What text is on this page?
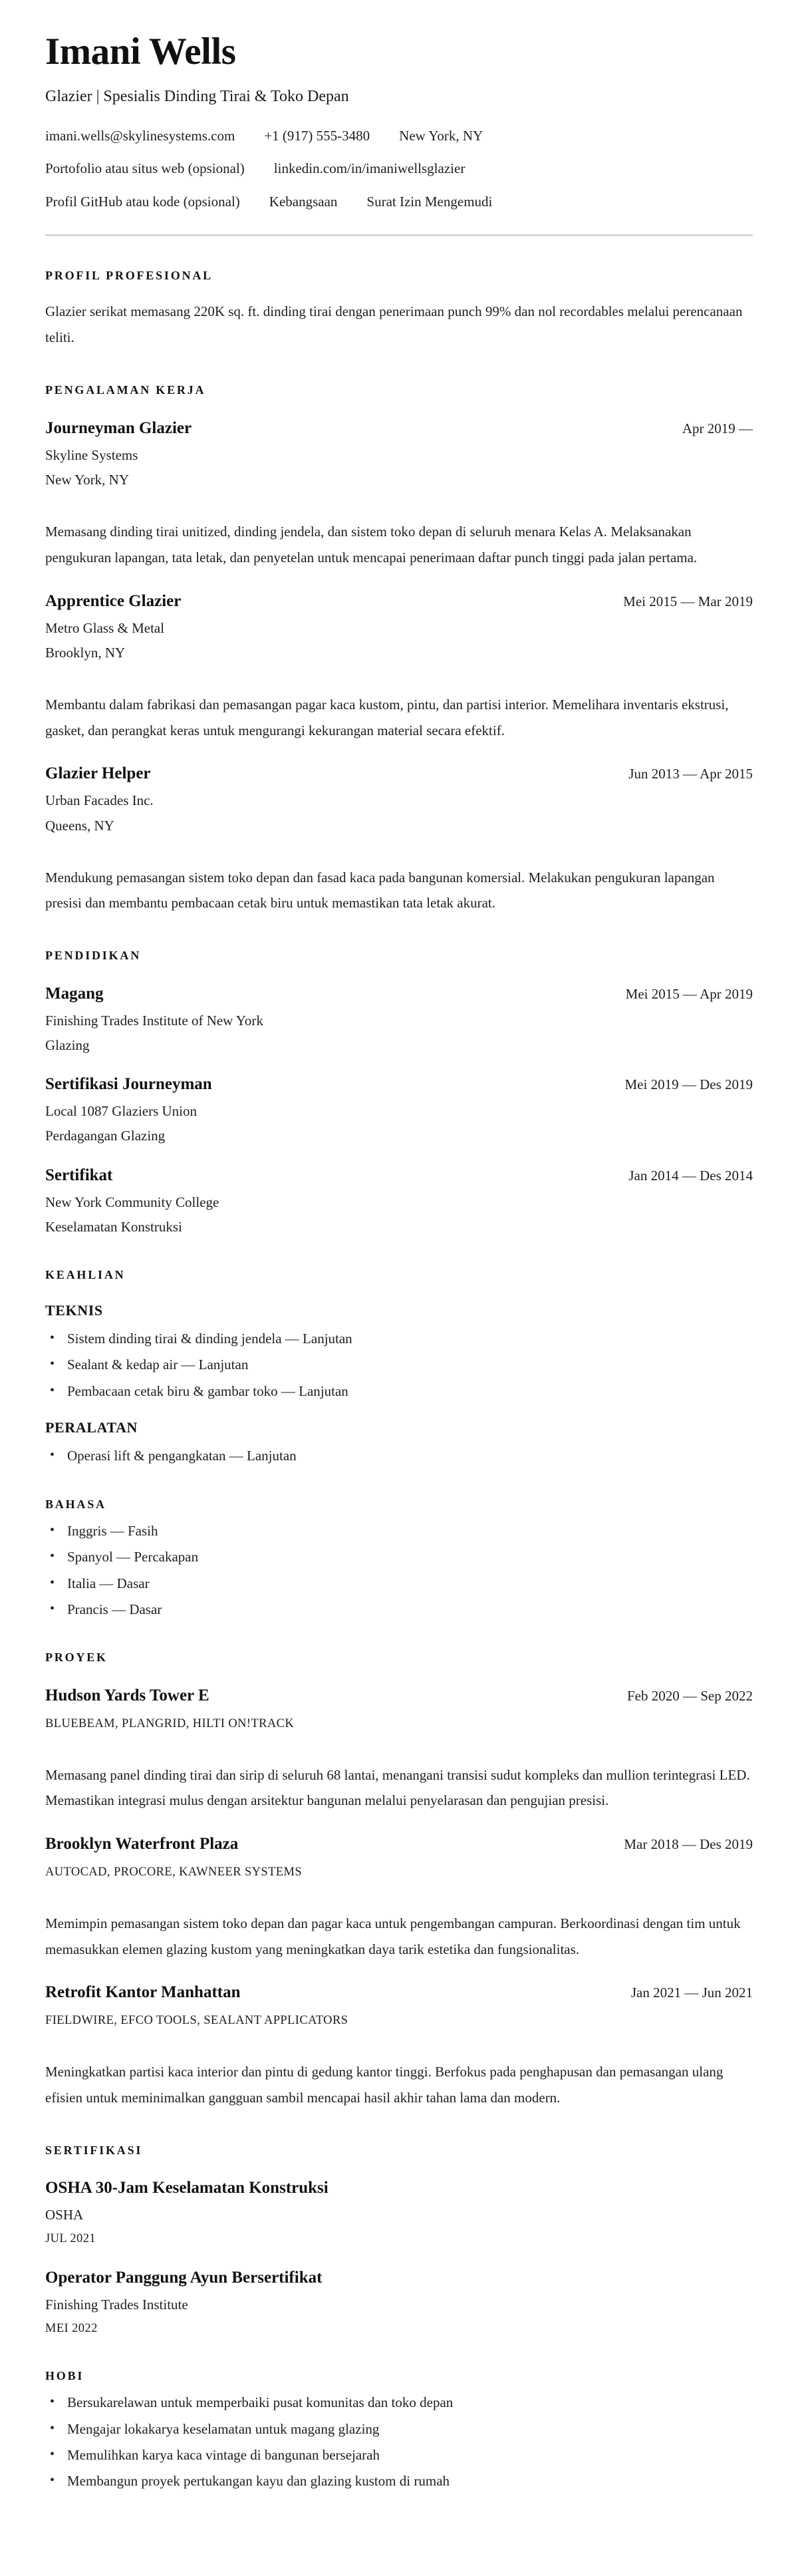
Imani Wells
Glazier | Spesialis Dinding Tirai & Toko Depan
imani.wells@skylinesystems.com +1 (917) 555-3480 New York, NY
Portofolio atau situs web (opsional) linkedin.com/in/imaniwellsglazier
Profil GitHub atau kode (opsional) Kebangsaan Surat Izin Mengemudi
PROFIL PROFESIONAL

Glazier serikat memasang 220K sq. ft. dinding tirai dengan penerimaan punch 99% dan nol recordables melalui perencanaan teliti.

PENGALAMAN KERJA
Journeyman Glazier	Apr 2019 —
Skyline Systems
New York, NY

Memasang dinding tirai unitized, dinding jendela, dan sistem toko depan di seluruh menara Kelas A. Melaksanakan pengukuran lapangan, tata letak, dan penyetelan untuk mencapai penerimaan daftar punch tinggi pada jalan pertama.

Apprentice Glazier	Mei 2015 — Mar 2019
Metro Glass & Metal
Brooklyn, NY

Membantu dalam fabrikasi dan pemasangan pagar kaca kustom, pintu, dan partisi interior. Memelihara inventaris ekstrusi, gasket, dan perangkat keras untuk mengurangi kekurangan material secara efektif.

Glazier Helper	Jun 2013 — Apr 2015
Urban Facades Inc.
Queens, NY

Mendukung pemasangan sistem toko depan dan fasad kaca pada bangunan komersial. Melakukan pengukuran lapangan presisi dan membantu pembacaan cetak biru untuk memastikan tata letak akurat.

PENDIDIKAN
Magang	Mei 2015 — Apr 2019
Finishing Trades Institute of New York
Glazing
Sertifikasi Journeyman	Mei 2019 — Des 2019
Local 1087 Glaziers Union
Perdagangan Glazing
Sertifikat	Jan 2014 — Des 2014
New York Community College
Keselamatan Konstruksi
KEAHLIAN
TEKNIS
• Sistem dinding tirai & dinding jendela — Lanjutan
• Sealant & kedap air — Lanjutan
• Pembacaan cetak biru & gambar toko — Lanjutan
PERALATAN
• Operasi lift & pengangkatan — Lanjutan
BAHASA
• Inggris — Fasih
• Spanyol — Percakapan
• Italia — Dasar
• Prancis — Dasar
PROYEK
Hudson Yards Tower E	Feb 2020 — Sep 2022
BLUEBEAM, PLANGRID, HILTI ON!TRACK

Memasang panel dinding tirai dan sirip di seluruh 68 lantai, menangani transisi sudut kompleks dan mullion terintegrasi LED. Memastikan integrasi mulus dengan arsitektur bangunan melalui penyelarasan dan pengujian presisi.

Brooklyn Waterfront Plaza	Mar 2018 — Des 2019
AUTOCAD, PROCORE, KAWNEER SYSTEMS

Memimpin pemasangan sistem toko depan dan pagar kaca untuk pengembangan campuran. Berkoordinasi dengan tim untuk memasukkan elemen glazing kustom yang meningkatkan daya tarik estetika dan fungsionalitas.

Retrofit Kantor Manhattan	Jan 2021 — Jun 2021
FIELDWIRE, EFCO TOOLS, SEALANT APPLICATORS

Meningkatkan partisi kaca interior dan pintu di gedung kantor tinggi. Berfokus pada penghapusan dan pemasangan ulang efisien untuk meminimalkan gangguan sambil mencapai hasil akhir tahan lama dan modern.

SERTIFIKASI
OSHA 30-Jam Keselamatan Konstruksi
OSHA
JUL 2021
Operator Panggung Ayun Bersertifikat
Finishing Trades Institute
MEI 2022
HOBI
• Bersukarelawan untuk memperbaiki pusat komunitas dan toko depan
• Mengajar lokakarya keselamatan untuk magang glazing
• Memulihkan karya kaca vintage di bangunan bersejarah
• Membangun proyek pertukangan kayu dan glazing kustom di rumah
